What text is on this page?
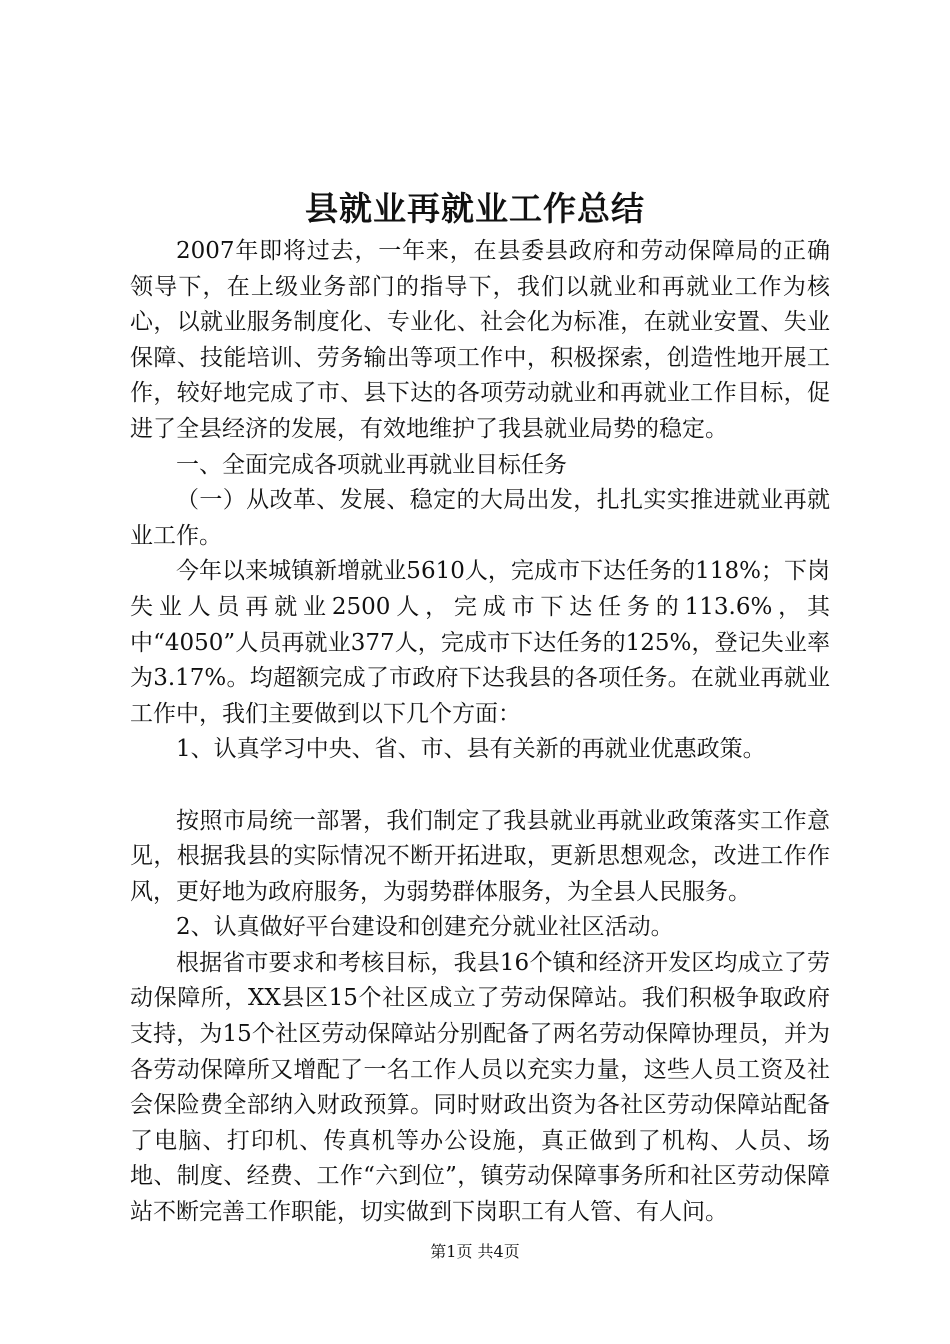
县就业再就业工作总结

2007年即将过去，一年来，在县委县政府和劳动保障局的正确领导下，在上级业务部门的指导下，我们以就业和再就业工作为核心，以就业服务制度化、专业化、社会化为标准，在就业安置、失业保障、技能培训、劳务输出等项工作中，积极探索，创造性地开展工作，较好地完成了市、县下达的各项劳动就业和再就业工作目标，促进了全县经济的发展，有效地维护了我县就业局势的稳定。

一、全面完成各项就业再就业目标任务

（一）从改革、发展、稳定的大局出发，扎扎实实推进就业再就业工作。

今年以来城镇新增就业5610人，完成市下达任务的118%；下岗失业人员再就业2500人，完成市下达任务的113.6%，其中“4050”人员再就业377人，完成市下达任务的125%，登记失业率为3.17%。均超额完成了市政府下达我县的各项任务。在就业再就业工作中，我们主要做到以下几个方面：

1、认真学习中央、省、市、县有关新的再就业优惠政策。

按照市局统一部署，我们制定了我县就业再就业政策落实工作意见，根据我县的实际情况不断开拓进取，更新思想观念，改进工作作风，更好地为政府服务，为弱势群体服务，为全县人民服务。

2、认真做好平台建设和创建充分就业社区活动。

根据省市要求和考核目标，我县16个镇和经济开发区均成立了劳动保障所，XX县区15个社区成立了劳动保障站。我们积极争取政府支持，为15个社区劳动保障站分别配备了两名劳动保障协理员，并为各劳动保障所又增配了一名工作人员以充实力量，这些人员工资及社会保险费全部纳入财政预算。同时财政出资为各社区劳动保障站配备了电脑、打印机、传真机等办公设施，真正做到了机构、人员、场地、制度、经费、工作“六到位”，镇劳动保障事务所和社区劳动保障站不断完善工作职能，切实做到下岗职工有人管、有人问。

第1页 共4页
